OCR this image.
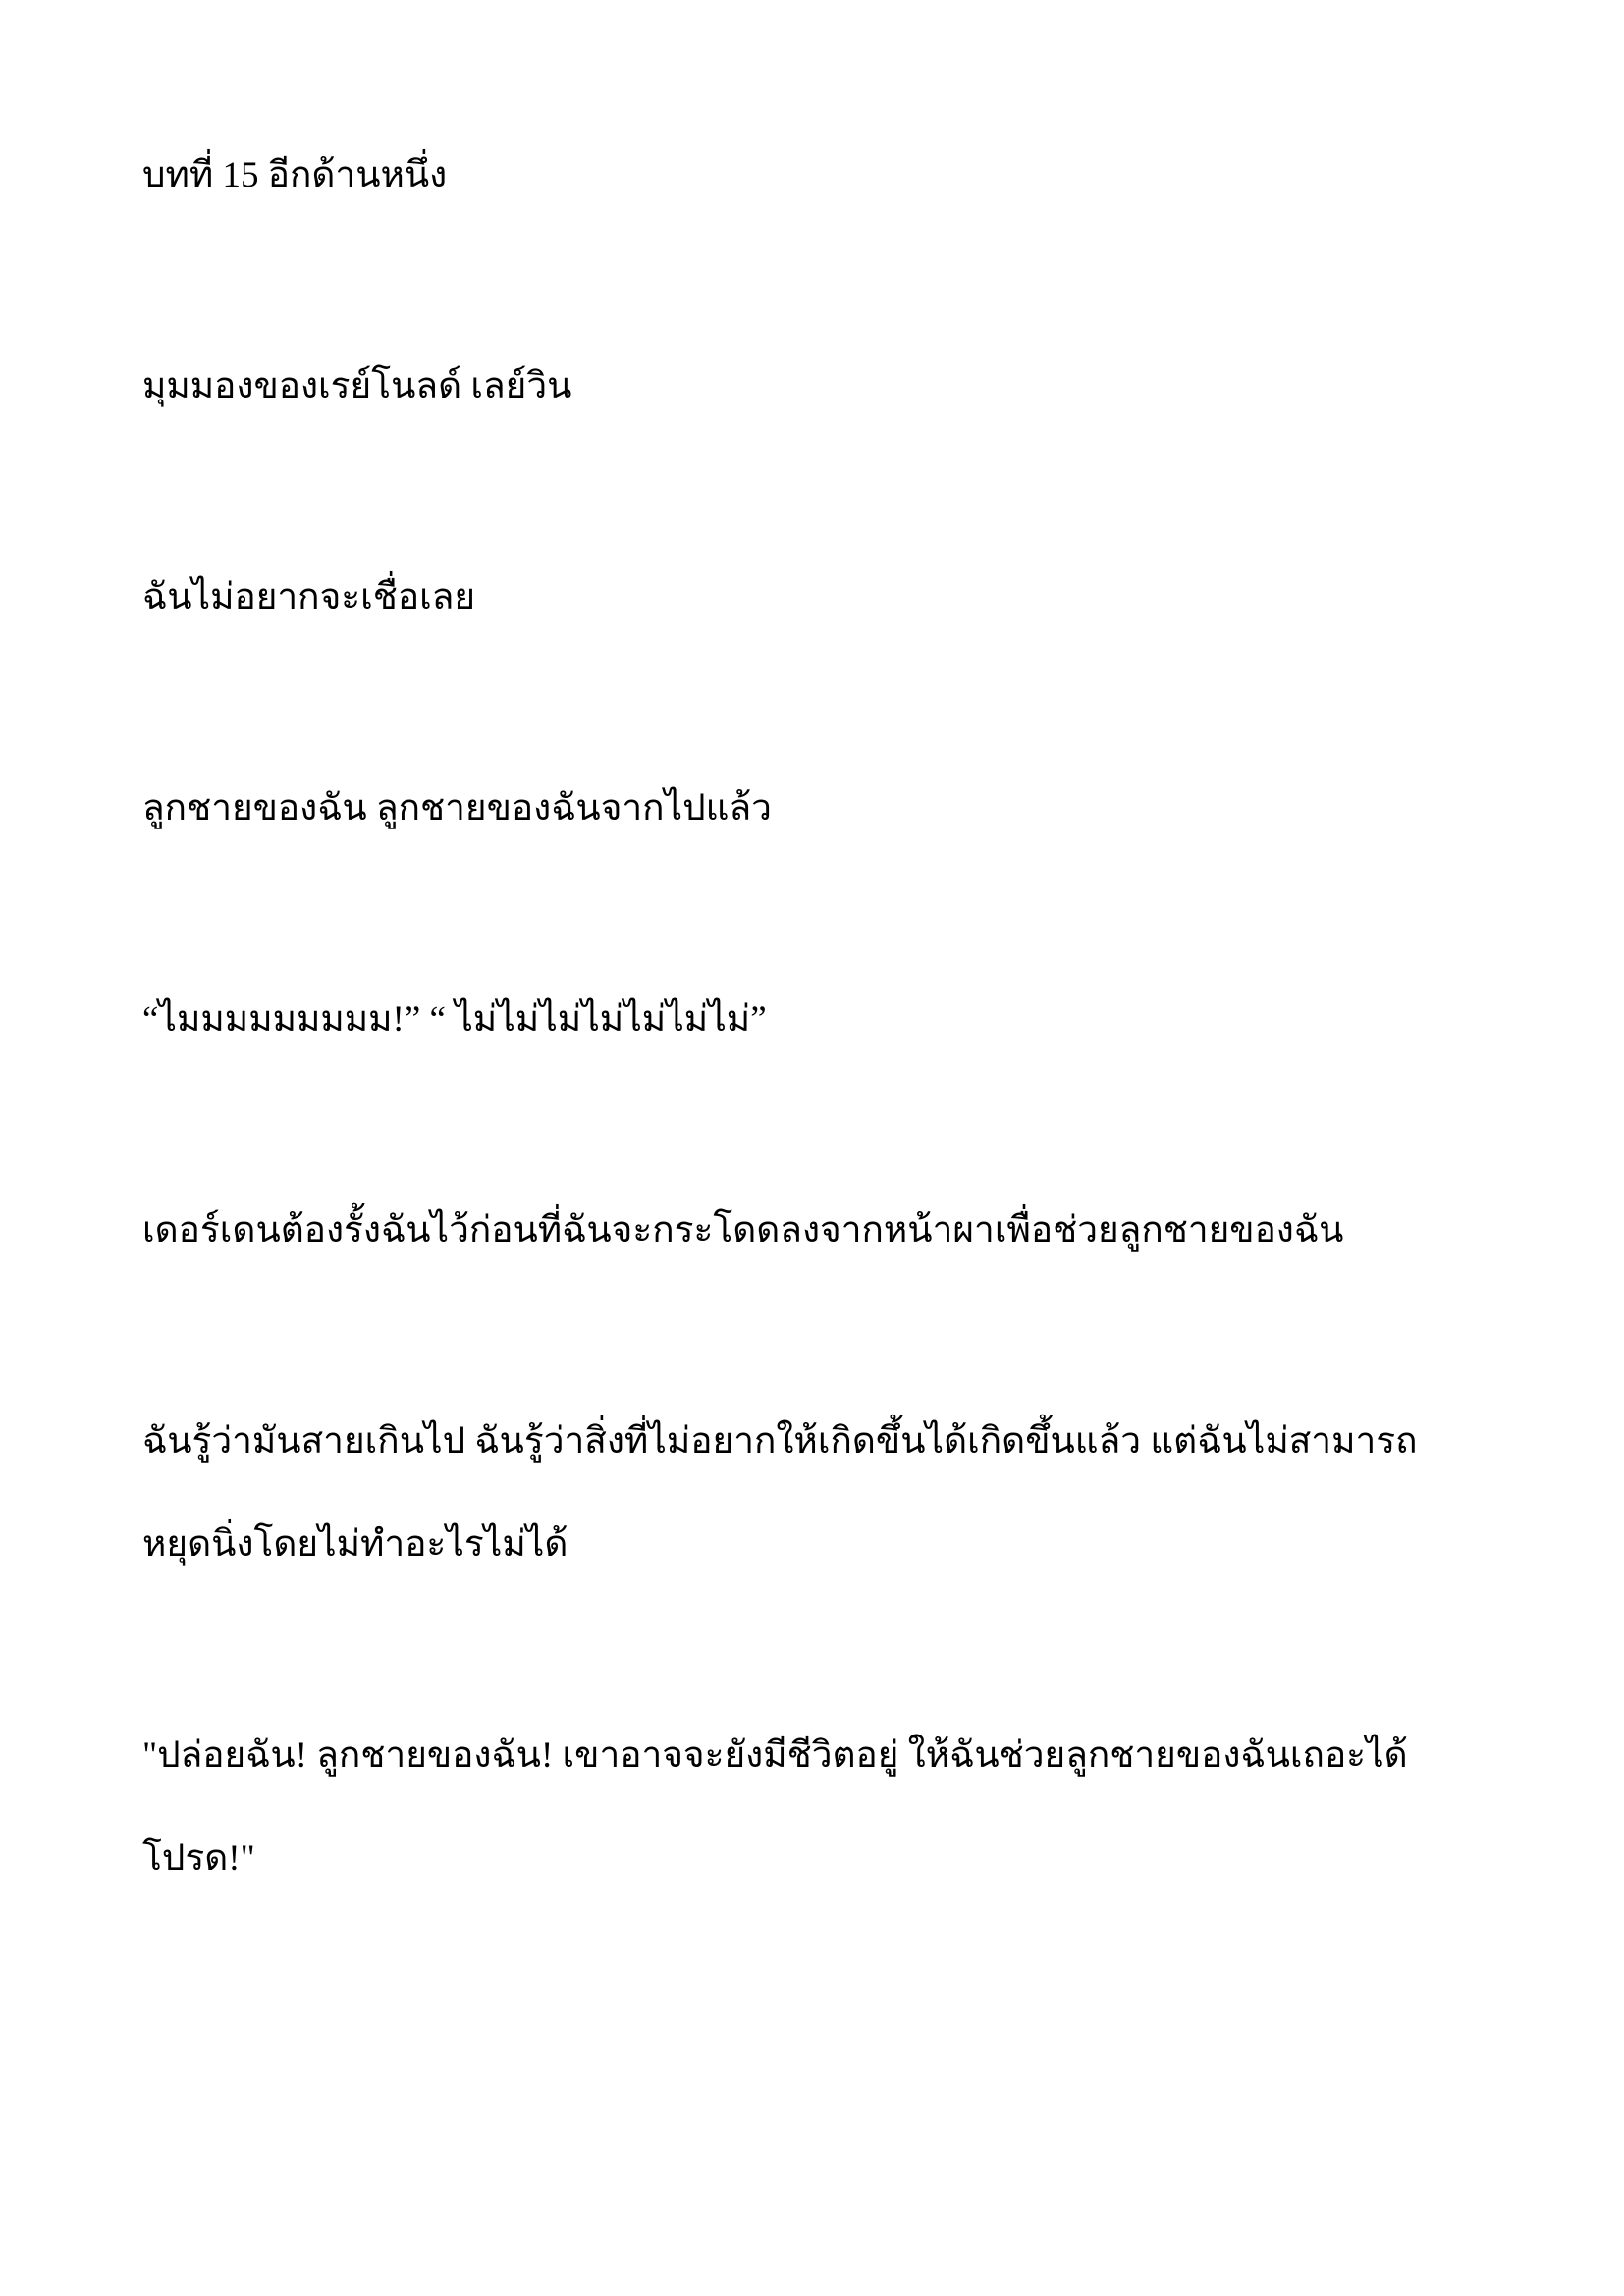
บทที่ 15 อีกด้านหนึ่ง

มุมมองของเรย์โนลด์ เลย์วิน

ฉันไม่อยากจะเชื่อเลย

ลูกชายของฉัน ลูกชายของฉันจากไปแล้ว

“ไมมมมมมมมม!” “ ไม่ไม่ไม่ไม่ไม่ไม่ไม่”

เดอร์เดนต้องรั้งฉันไว้ก่อนที่ฉันจะกระโดดลงจากหน้าผาเพื่อช่วยลูกชายของฉัน

ฉันรู้ว่ามันสายเกินไป ฉันรู้ว่าสิ่งที่ไม่อยากให้เกิดขึ้นได้เกิดขึ้นแล้ว แต่ฉันไม่สามารถหยุดนิ่งโดยไม่ทำอะไรไม่ได้

"ปล่อยฉัน! ลูกชายของฉัน! เขาอาจจะยังมีชีวิตอยู่ ให้ฉันช่วยลูกชายของฉันเถอะได้ โปรด!"
